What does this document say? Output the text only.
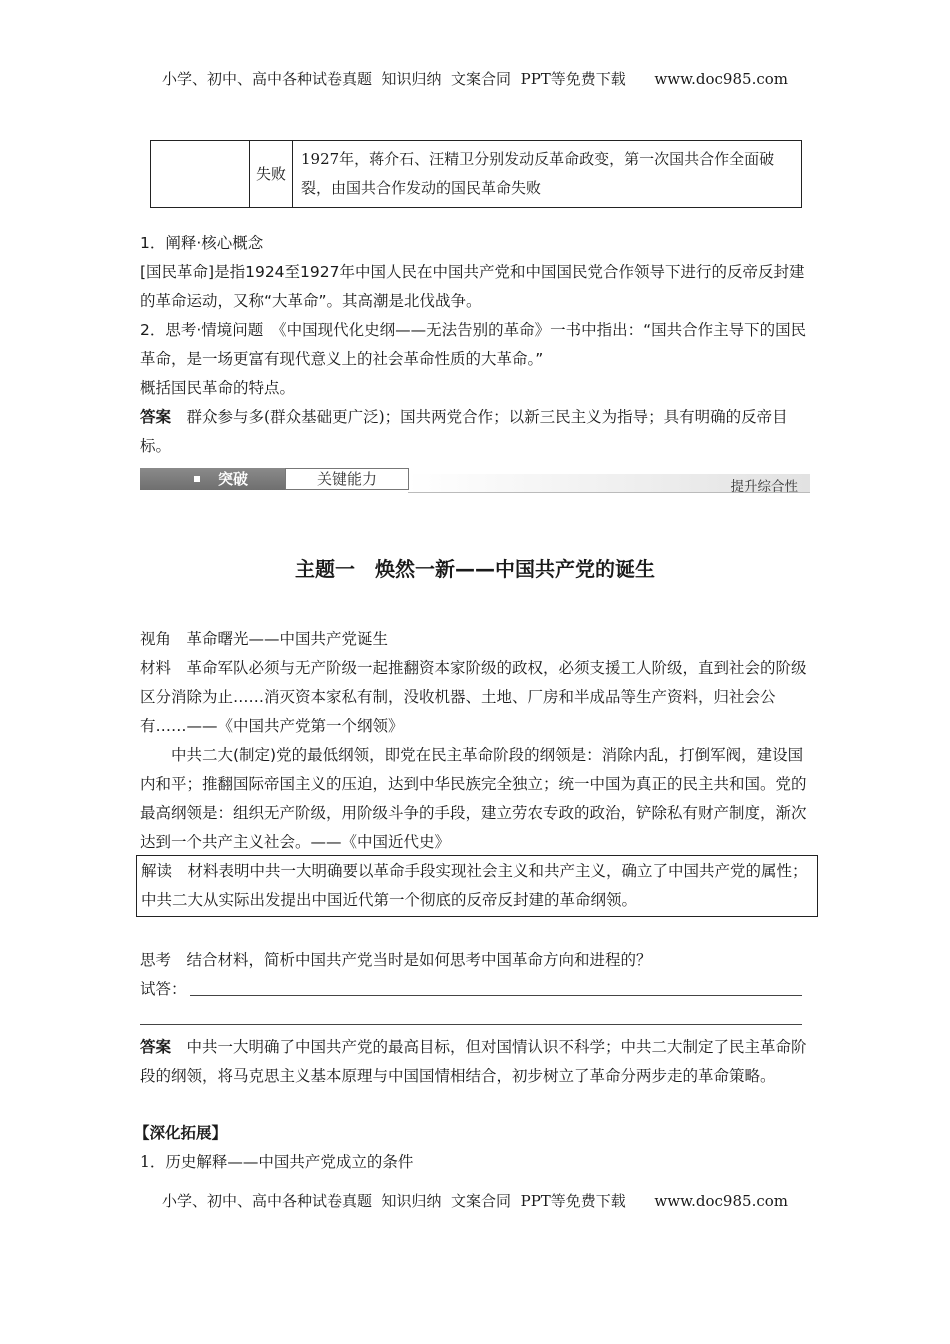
小学、初中、高中各种试卷真题  知识归纳  文案合同  PPT等免费下载      www.doc985.com
	失败	1927年，蒋介石、汪精卫分别发动反革命政变，第一次国共合作全面破裂，由国共合作发动的国民革命失败
1．阐释·核心概念
[国民革命]是指1924至1927年中国人民在中国共产党和中国国民党合作领导下进行的反帝反封建的革命运动，又称“大革命”。其高潮是北伐战争。
2．思考·情境问题　 《中国现代化史纲——无法告别的革命》一书中指出：“国共合作主导下的国民革命，是一场更富有现代意义上的社会革命性质的大革命。”
概括国民革命的特点。
答案　 群众参与多(群众基础更广泛)；国共两党合作；以新三民主义为指导；具有明确的反帝目标。
突破	关键能力	提升综合性
主题一　焕然一新——中国共产党的诞生
视角　 革命曙光——中国共产党诞生
材料　 革命军队必须与无产阶级一起推翻资本家阶级的政权，必须支援工人阶级，直到社会的阶级区分消除为止……消灭资本家私有制，没收机器、土地、厂房和半成品等生产资料，归社会公有……——《中国共产党第一个纲领》
中共二大(制定)党的最低纲领，即党在民主革命阶段的纲领是：消除内乱，打倒军阀，建设国内和平；推翻国际帝国主义的压迫，达到中华民族完全独立；统一中国为真正的民主共和国。党的最高纲领是：组织无产阶级，用阶级斗争的手段，建立劳农专政的政治，铲除私有财产制度，渐次达到一个共产主义社会。——《中国近代史》
解读　 材料表明中共一大明确要以革命手段实现社会主义和共产主义，确立了中国共产党的属性；中共二大从实际出发提出中国近代第一个彻底的反帝反封建的革命纲领。
思考　 结合材料，简析中国共产党当时是如何思考中国革命方向和进程的？
试答：
答案　 中共一大明确了中国共产党的最高目标，但对国情认识不科学；中共二大制定了民主革命阶段的纲领，将马克思主义基本原理与中国国情相结合，初步树立了革命分两步走的革命策略。
【深化拓展】
1．历史解释——中国共产党成立的条件
小学、初中、高中各种试卷真题  知识归纳  文案合同  PPT等免费下载      www.doc985.com
